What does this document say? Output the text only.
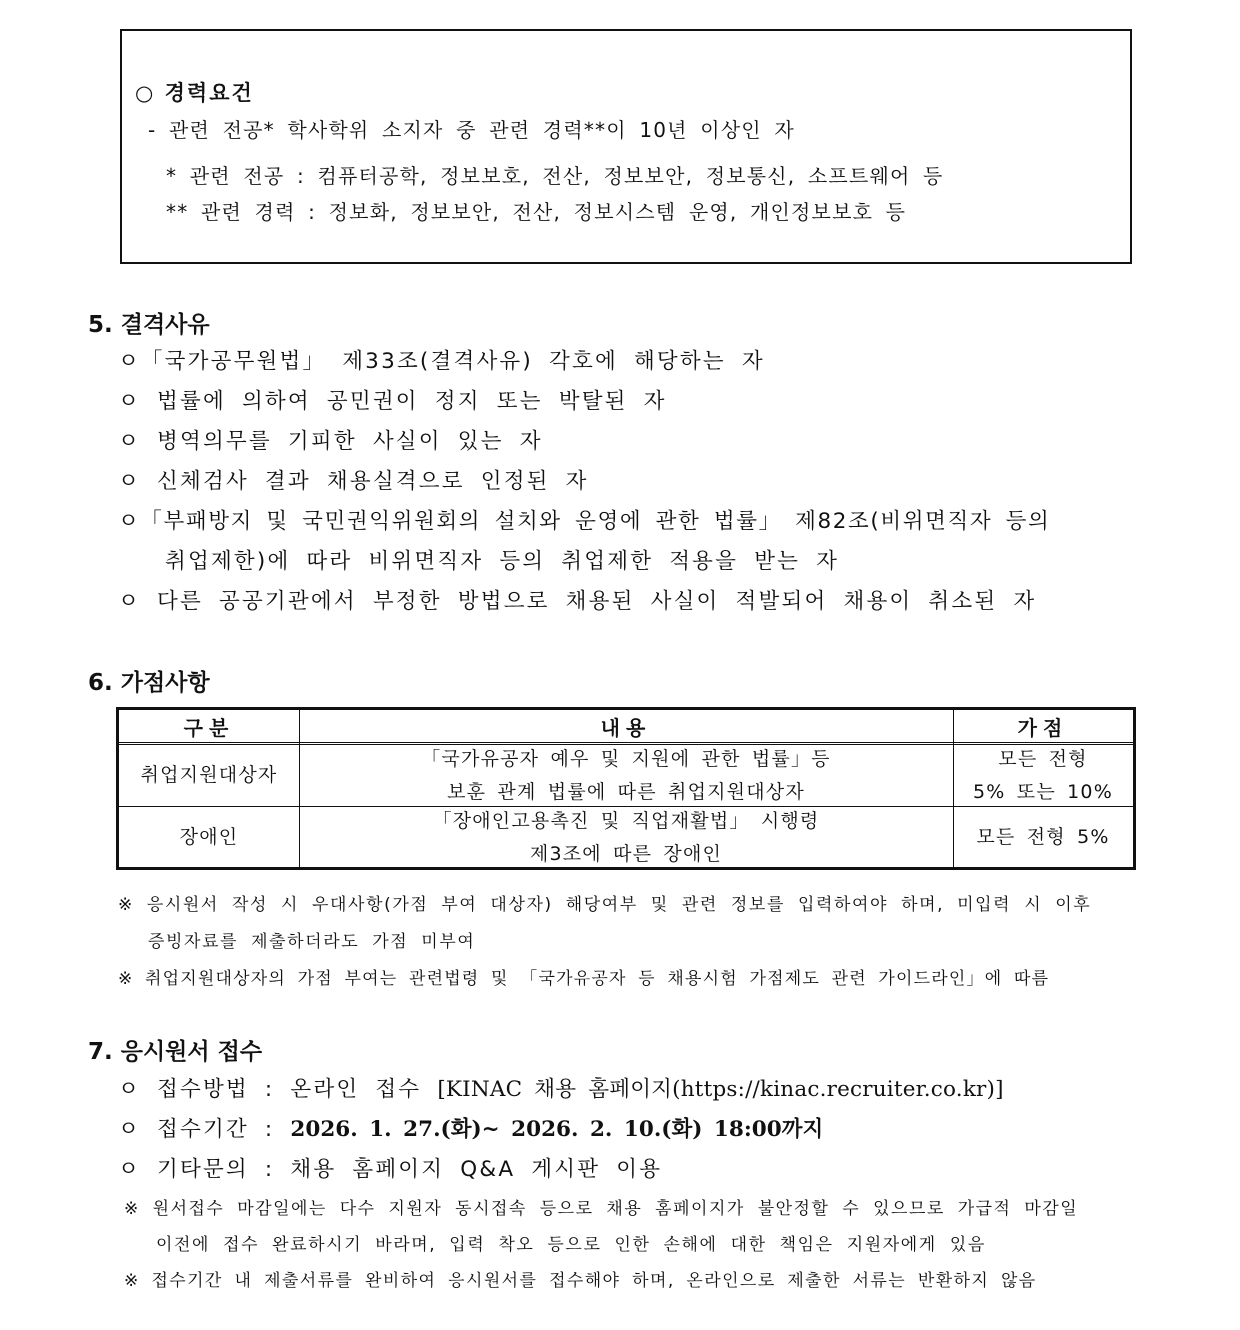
○ 경력요건
- 관련 전공* 학사학위 소지자 중 관련 경력**이 10년 이상인 자
* 관련 전공 : 컴퓨터공학, 정보보호, 전산, 정보보안, 정보통신, 소프트웨어 등
** 관련 경력 : 정보화, 정보보안, 전산, 정보시스템 운영, 개인정보보호 등
5. 결격사유
ㅇ「국가공무원법」 제33조(결격사유) 각호에 해당하는 자
ㅇ 법률에 의하여 공민권이 정지 또는 박탈된 자
ㅇ 병역의무를 기피한 사실이 있는 자
ㅇ 신체검사 결과 채용실격으로 인정된 자
ㅇ「부패방지 및 국민권익위원회의 설치와 운영에 관한 법률」 제82조(비위면직자 등의
취업제한)에 따라 비위면직자 등의 취업제한 적용을 받는 자
ㅇ 다른 공공기관에서 부정한 방법으로 채용된 사실이 적발되어 채용이 취소된 자
6. 가점사항
구분	내용	가점
취업지원대상자
「국가유공자 예우 및 지원에 관한 법률」등
보훈 관계 법률에 따른 취업지원대상자
모든 전형
5% 또는 10%
장애인
「장애인고용촉진 및 직업재활법」 시행령
제3조에 따른 장애인
모든 전형 5%
※ 응시원서 작성 시 우대사항(가점 부여 대상자) 해당여부 및 관련 정보를 입력하여야 하며, 미입력 시 이후
증빙자료를 제출하더라도 가점 미부여
※ 취업지원대상자의 가점 부여는 관련법령 및 「국가유공자 등 채용시험 가점제도 관련 가이드라인」에 따름
7. 응시원서 접수
ㅇ 접수방법 : 온라인 접수 [KINAC 채용 홈페이지(https://kinac.recruiter.co.kr)]
ㅇ 접수기간 : 2026. 1. 27.(화)~ 2026. 2. 10.(화) 18:00까지
ㅇ 기타문의 : 채용 홈페이지 Q&A 게시판 이용
※ 원서접수 마감일에는 다수 지원자 동시접속 등으로 채용 홈페이지가 불안정할 수 있으므로 가급적 마감일
이전에 접수 완료하시기 바라며, 입력 착오 등으로 인한 손해에 대한 책임은 지원자에게 있음
※ 접수기간 내 제출서류를 완비하여 응시원서를 접수해야 하며, 온라인으로 제출한 서류는 반환하지 않음
